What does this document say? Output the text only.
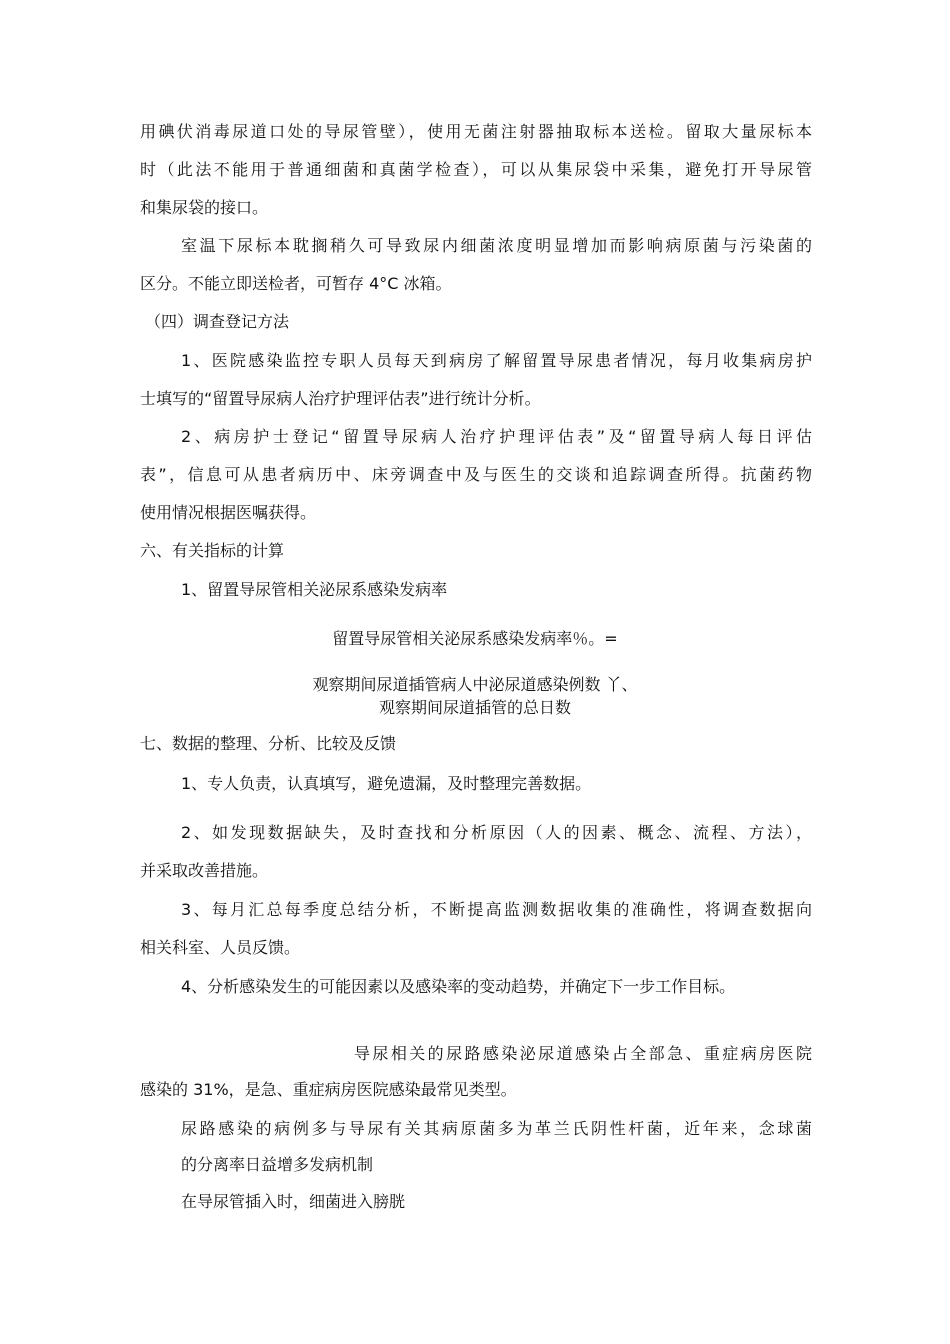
用碘伏消毒尿道口处的导尿管壁），使用无菌注射器抽取标本送检。留取大量尿标本
时（此法不能用于普通细菌和真菌学检查），可以从集尿袋中采集，避免打开导尿管
和集尿袋的接口。
室温下尿标本耽搁稍久可导致尿内细菌浓度明显增加而影响病原菌与污染菌的
区分。不能立即送检者，可暂存 4°C 冰箱。
（四）调查登记方法
1、医院感染监控专职人员每天到病房了解留置导尿患者情况，每月收集病房护
士填写的“留置导尿病人治疗护理评估表”进行统计分析。
2、病房护士登记“留置导尿病人治疗护理评估表”及“留置导病人每日评估
表”，信息可从患者病历中、床旁调查中及与医生的交谈和追踪调查所得。抗菌药物
使用情况根据医嘱获得。
六、有关指标的计算
1、留置导尿管相关泌尿系感染发病率
留置导尿管相关泌尿系感染发病率％。=
观察期间尿道插管病人中泌尿道感染例数 丫、
观察期间尿道插管的总日数
七、数据的整理、分析、比较及反馈
1、专人负责，认真填写，避免遗漏，及时整理完善数据。
2、如发现数据缺失，及时查找和分析原因（人的因素、概念、流程、方法），
并采取改善措施。
3、每月汇总每季度总结分析，不断提高监测数据收集的准确性，将调查数据向
相关科室、人员反馈。
4、分析感染发生的可能因素以及感染率的变动趋势，并确定下一步工作目标。
导尿相关的尿路感染泌尿道感染占全部急、重症病房医院
感染的 31%，是急、重症病房医院感染最常见类型。
尿路感染的病例多与导尿有关其病原菌多为革兰氏阴性杆菌，近年来，念球菌
的分离率日益增多发病机制
在导尿管插入时，细菌进入膀胱
